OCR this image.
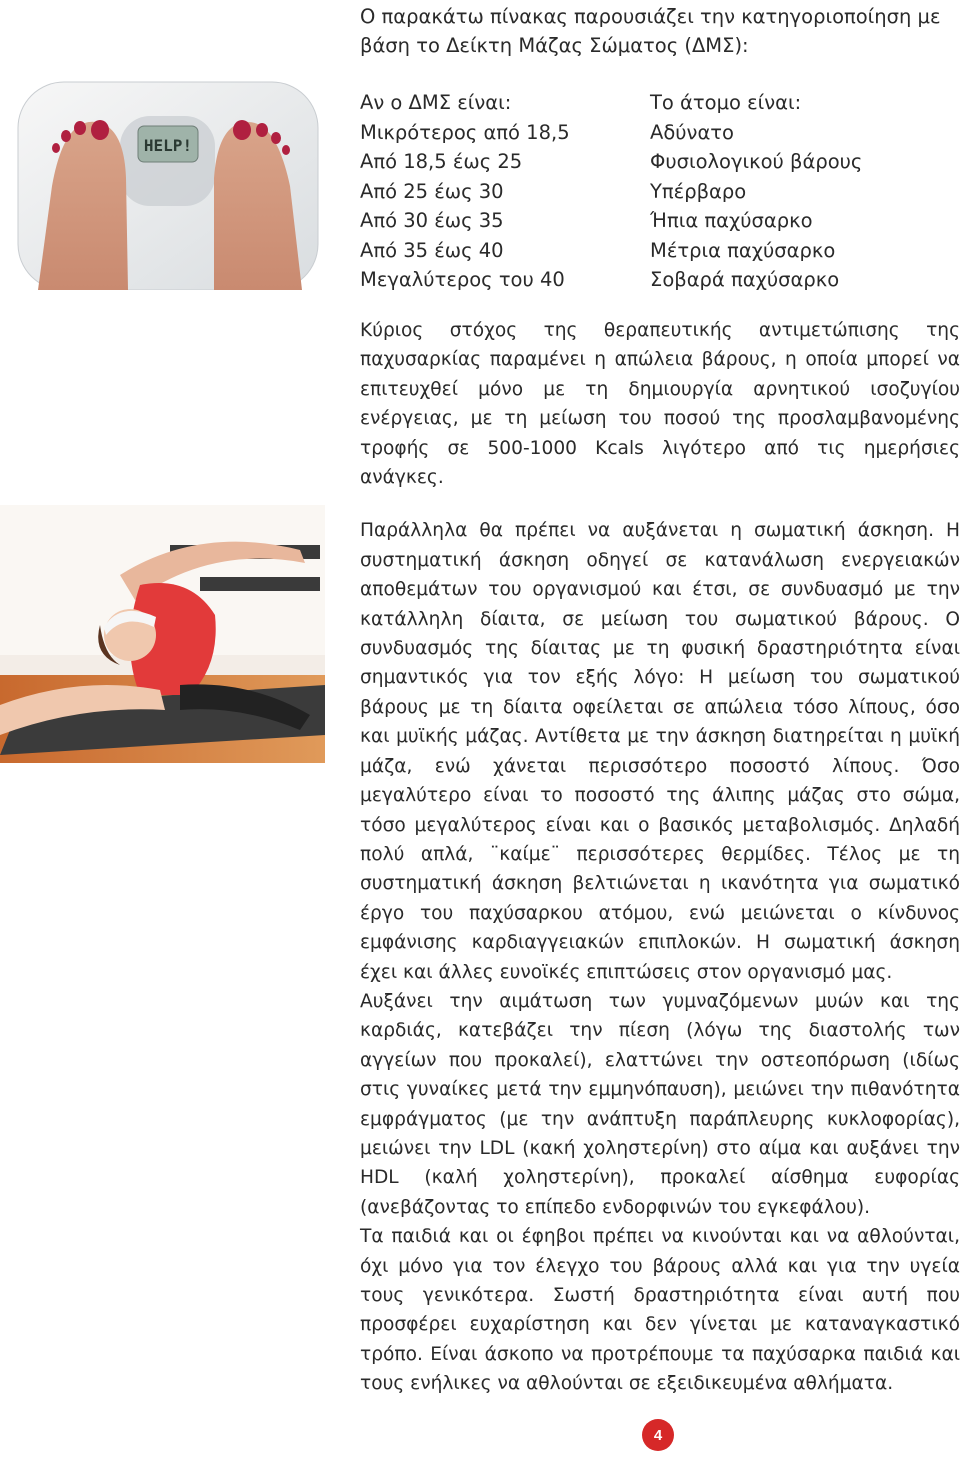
HELP!

Ο παρακάτω πίνακας παρουσιάζει την κατηγοριοποίηση με βάση το Δείκτη Μάζας Σώματος (ΔΜΣ):

Αν ο ΔΜΣ είναι:
Μικρότερος από 18,5
Από 18,5 έως 25
Από 25 έως 30
Από 30 έως 35
Από 35 έως 40
Μεγαλύτερος του 40
Το άτομο είναι:
Αδύνατο
Φυσιολογικού βάρους
Υπέρβαρο
Ήπια παχύσαρκο
Μέτρια παχύσαρκο
Σοβαρά παχύσαρκο

Κύριος στόχος της θεραπευτικής αντιμετώπισης της παχυσαρκίας παραμένει η απώλεια βάρους, η οποία μπορεί να επιτευχθεί μόνο με τη δημιουργία αρνητικού ισοζυγίου ενέργειας, με τη μείωση του ποσού της προσλαμβανομένης τροφής σε 500-1000 Kcals λιγότερο από τις ημερήσιες ανάγκες.

Παράλληλα θα πρέπει να αυξάνεται η σωματική άσκηση. Η συστηματική άσκηση οδηγεί σε κατανάλωση ενεργειακών αποθεμάτων του οργανισμού και έτσι, σε συνδυασμό με την κατάλληλη δίαιτα, σε μείωση του σωματικού βάρους. Ο συνδυασμός της δίαιτας με τη φυσική δραστηριότητα είναι σημαντικός για τον εξής λόγο: Η μείωση του σωματικού βάρους με τη δίαιτα οφείλεται σε απώλεια τόσο λίπους, όσο και μυϊκής μάζας. Αντίθετα με την άσκηση διατηρείται η μυϊκή μάζα, ενώ χάνεται περισσότερο ποσοστό λίπους. Όσο μεγαλύτερο είναι το ποσοστό της άλιπης μάζας στο σώμα, τόσο μεγαλύτερος είναι και ο βασικός μεταβολισμός. Δηλαδή πολύ απλά, ¨καίμε¨ περισσότερες θερμίδες. Τέλος με τη συστηματική άσκηση βελτιώνεται η ικανότητα για σωματικό έργο του παχύσαρκου ατόμου, ενώ μειώνεται ο κίνδυνος εμφάνισης καρδιαγγειακών επιπλοκών. Η σωματική άσκηση έχει και άλλες ευνοϊκές επιπτώσεις στον οργανισμό μας.

Αυξάνει την αιμάτωση των γυμναζόμενων μυών και της καρδιάς, κατεβάζει την πίεση (λόγω της διαστολής των αγγείων που προκαλεί), ελαττώνει την οστεοπόρωση (ιδίως στις γυναίκες μετά την εμμηνόπαυση), μειώνει την πιθανότητα εμφράγματος (με την ανάπτυξη παράπλευρης κυκλοφορίας), μειώνει την LDL (κακή χοληστερίνη) στο αίμα και αυξάνει την HDL (καλή χοληστερίνη), προκαλεί αίσθημα ευφορίας (ανεβάζοντας το επίπεδο ενδορφινών του εγκεφάλου).

Τα παιδιά και οι έφηβοι πρέπει να κινούνται και να αθλούνται, όχι μόνο για τον έλεγχο του βάρους αλλά και για την υγεία τους γενικότερα. Σωστή δραστηριότητα είναι αυτή που προσφέρει ευχαρίστηση και δεν γίνεται με καταναγκαστικό τρόπο. Είναι άσκοπο να προτρέπουμε τα παχύσαρκα παιδιά και τους ενήλικες να αθλούνται σε εξειδικευμένα αθλήματα.

4
